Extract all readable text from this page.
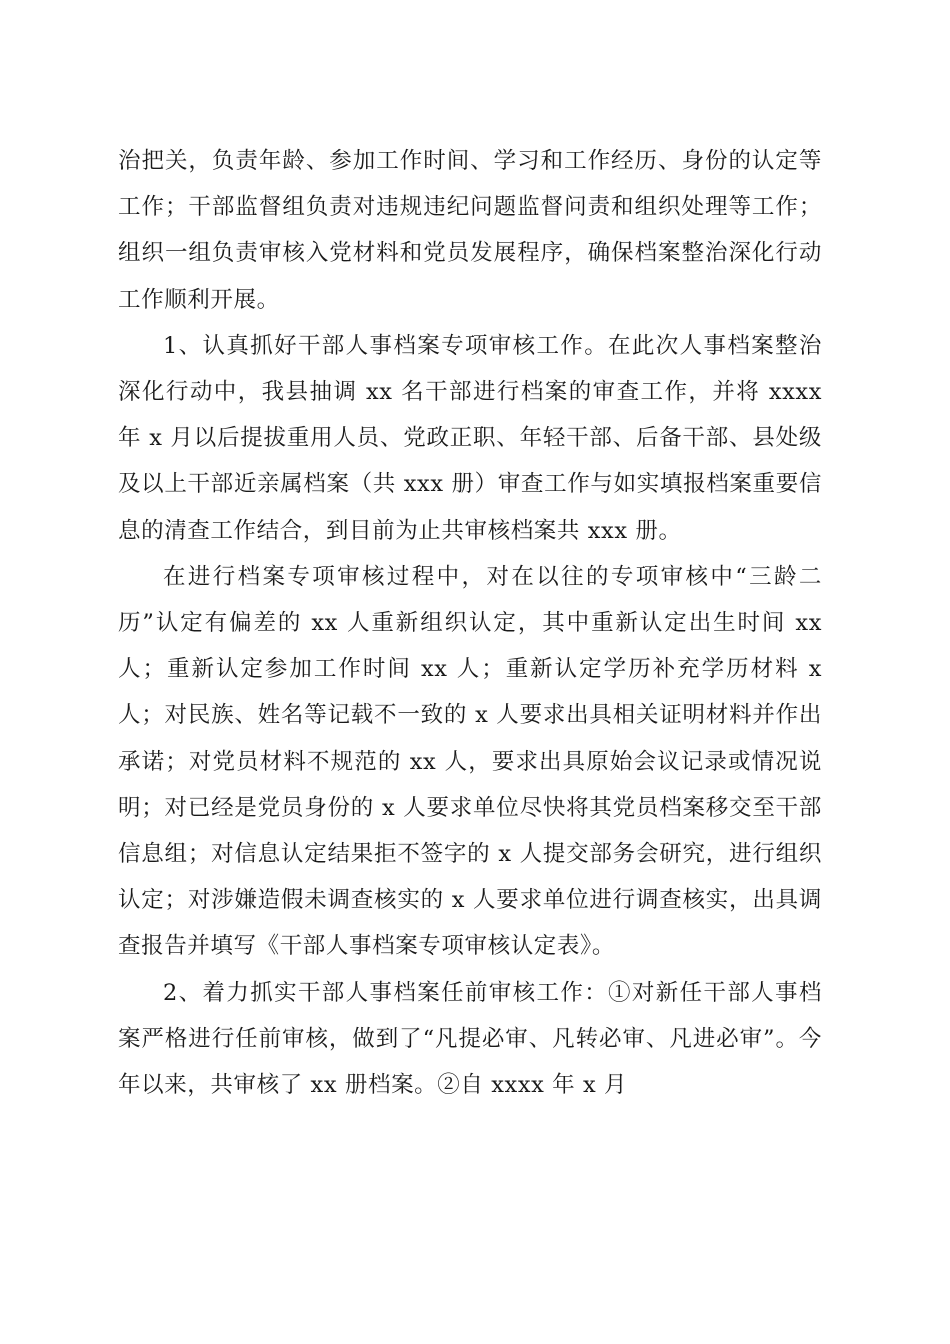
治把关，负责年龄、参加工作时间、学习和工作经历、身份的认定等工作；干部监督组负责对违规违纪问题监督问责和组织处理等工作；组织一组负责审核入党材料和党员发展程序，确保档案整治深化行动工作顺利开展。

1、认真抓好干部人事档案专项审核工作。在此次人事档案整治深化行动中，我县抽调 xx 名干部进行档案的审查工作，并将 xxxx 年 x 月以后提拔重用人员、党政正职、年轻干部、后备干部、县处级及以上干部近亲属档案（共 xxx 册）审查工作与如实填报档案重要信息的清查工作结合，到目前为止共审核档案共 xxx 册。

在进行档案专项审核过程中，对在以往的专项审核中“三龄二历”认定有偏差的 xx 人重新组织认定，其中重新认定出生时间 xx 人；重新认定参加工作时间 xx 人；重新认定学历补充学历材料 x 人；对民族、姓名等记载不一致的 x 人要求出具相关证明材料并作出承诺；对党员材料不规范的 xx 人，要求出具原始会议记录或情况说明；对已经是党员身份的 x 人要求单位尽快将其党员档案移交至干部信息组；对信息认定结果拒不签字的 x 人提交部务会研究，进行组织认定；对涉嫌造假未调查核实的 x 人要求单位进行调查核实，出具调查报告并填写《干部人事档案专项审核认定表》。

2、着力抓实干部人事档案任前审核工作：①对新任干部人事档案严格进行任前审核，做到了“凡提必审、凡转必审、凡进必审”。今年以来，共审核了 xx 册档案。②自 xxxx 年 x 月
